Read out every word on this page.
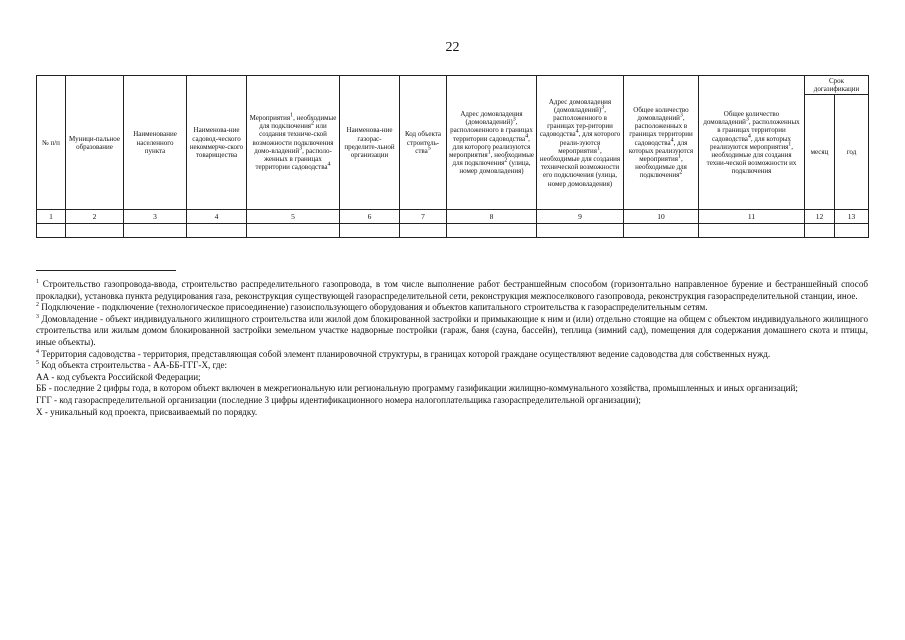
22
№ п/п	Муници-пальное образование	Наименование населенного пункта	Наименова-ние садовод-ческого некоммерче-ского товарищества	Мероприятия$^1$, необходимые для подключения$^2$ или создания техниче-ской возможности подключения домо-владений$^3$, располо-женных в границах территории садоводства$^4$	Наименова-ние газорас-пределите-льной организации	Код объекта строитель-ства$^5$	Адрес домовладения (домовладений)$^3$, расположенного в границах территории садоводства$^4$, для которого реализуются мероприятия$^1$, необходимые для подключения$^2$ (улица, номер домовладения)	Адрес домовладения (домовладений)$^3$, расположенного в границах тер-ритории садоводства$^4$, для которого реали-зуются мероприятия$^1$, необходимые для создания технической возможности его подключения (улица, номер домовладения)	Общее количество домовладений$^3$, расположенных в границах территории садоводства$^4$, для которых реализуются мероприятия$^1$, необходимые для подключения$^2$	Общее количество домовладений$^3$, расположенных в границах территории садоводства$^4$, для которых реализуются мероприятия$^1$, необходимые для создания техни-ческой возможности их подключения	Срок догазификации	
											месяц	год
1	2	3	4	5	6	7	8	9	10	11	12	13

$^1$ Строительство газопровода-ввода, строительство распределительного газопровода, в том числе выполнение работ бестраншейным способом (горизонтально направленное бурение и бестраншейный способ прокладки), установка пункта редуцирования газа, реконструкция существующей газораспределительной сети, реконструкция межпоселкового газопровода, реконструкция газораспределительной станции, иное.

$^2$ Подключение - подключение (технологическое присоединение) газоиспользующего оборудования и объектов капитального строительства к газораспределительным сетям.

$^3$ Домовладение - объект индивидуального жилищного строительства или жилой дом блокированной застройки и примыкающие к ним и (или) отдельно стоящие на общем с объектом индивидуального жилищного строительства или жилым домом блокированной застройки земельном участке надворные постройки (гараж, баня (сауна, бассейн), теплица (зимний сад), помещения для содержания домашнего скота и птицы, иные объекты).

$^4$ Территория садоводства - территория, представляющая собой элемент планировочной структуры, в границах которой граждане осуществляют ведение садоводства для собственных нужд.

$^5$ Код объекта строительства - АА-ББ-ГГГ-Х, где:

АА - код субъекта Российской Федерации;

ББ - последние 2 цифры года, в котором объект включен в межрегиональную или региональную программу газификации жилищно-коммунального хозяйства, промышленных и иных организаций;

ГГГ - код газораспределительной организации (последние 3 цифры идентификационного номера налогоплательщика газораспределительной организации);

Х - уникальный код проекта, присваиваемый по порядку.
